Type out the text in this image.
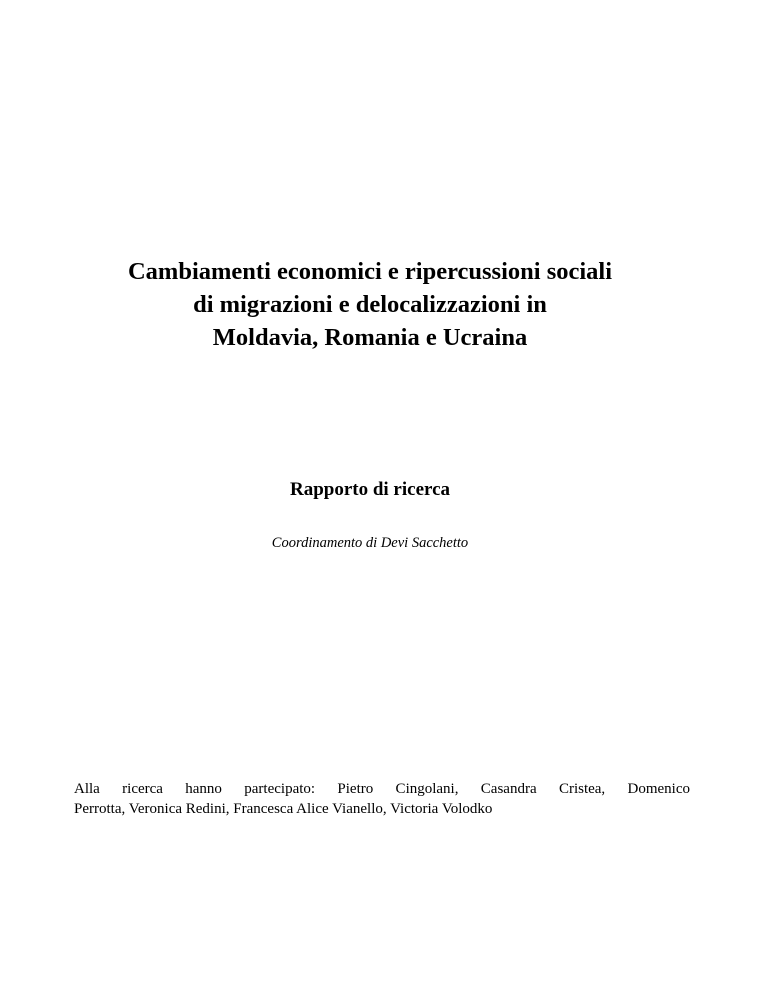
Cambiamenti economici e ripercussioni sociali
di migrazioni e delocalizzazioni in
Moldavia, Romania e Ucraina
Rapporto di ricerca

Coordinamento di Devi Sacchetto

Alla ricerca hanno partecipato: Pietro Cingolani, Casandra Cristea, Domenico
Perrotta, Veronica Redini, Francesca Alice Vianello, Victoria Volodko
